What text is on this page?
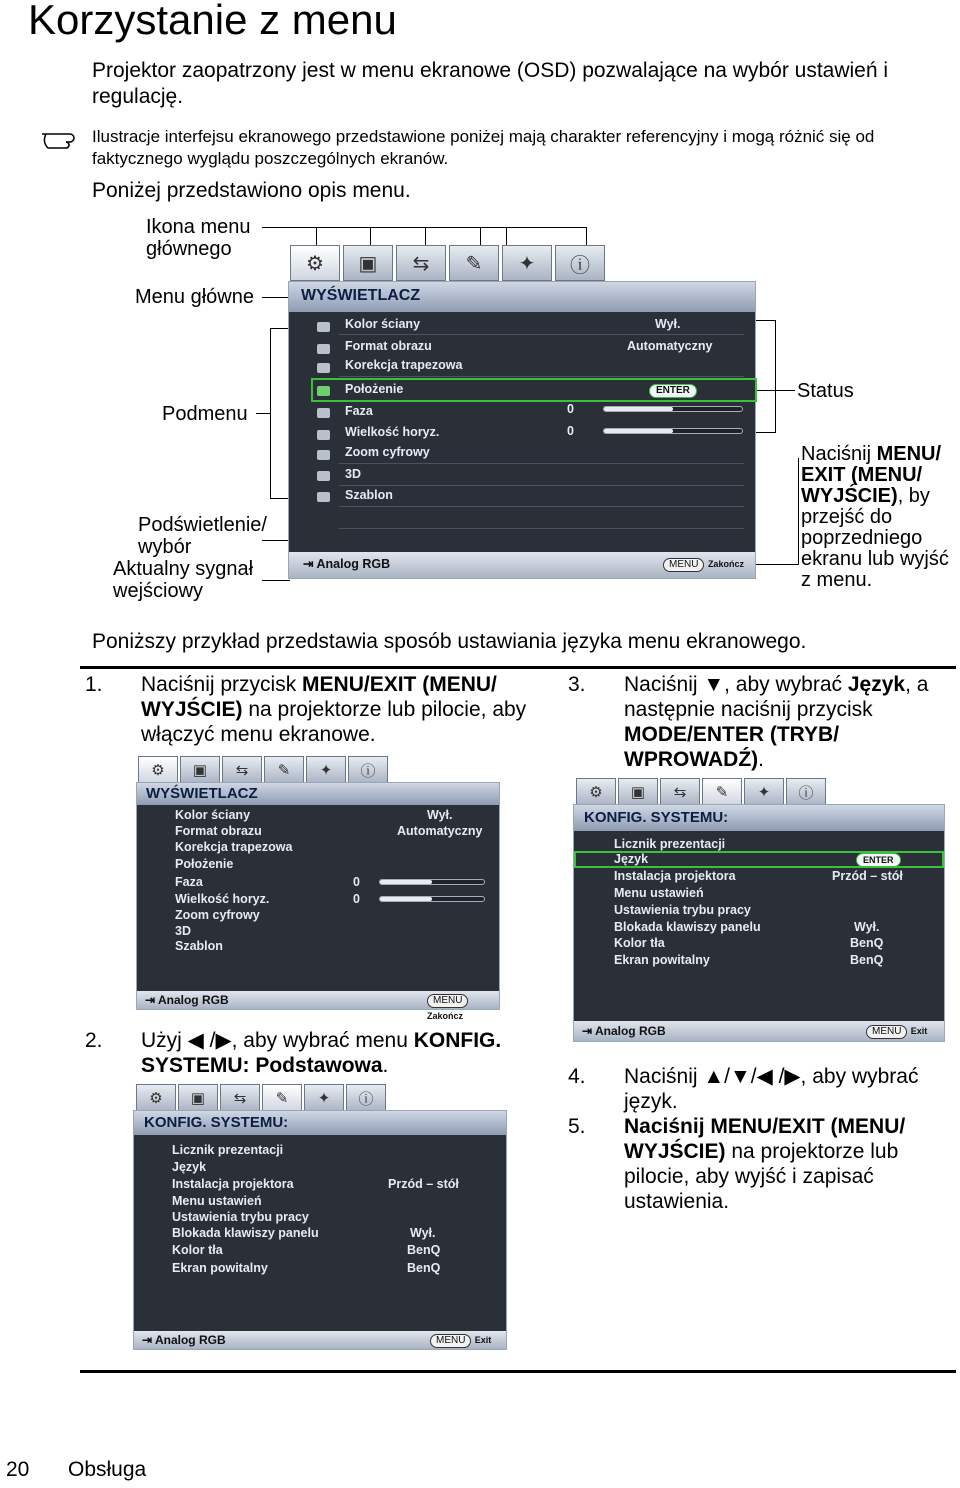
Korzystanie z menu
Projektor zaopatrzony jest w menu ekranowe (OSD) pozwalające na wybór ustawień i regulację.
Ilustracje interfejsu ekranowego przedstawione poniżej mają charakter referencyjny i mogą różnić się od faktycznego wyglądu poszczególnych ekranów.
Poniżej przedstawiono opis menu.
Ikona menu głównego
Menu główne
Podmenu
Podświetlenie/ wybór
Aktualny sygnał wejściowy
Status
Naciśnij MENU/ EXIT (MENU/ WYJŚCIE), by przejść do poprzedniego ekranu lub wyjść z menu.
⚙	▣	⇆	✎	✦	ⓘ
WYŚWIETLACZ
Kolor ściany	Wył.
Format obrazu	Automatyczny
Korekcja trapezowa
Położenie	ENTER
Faza	0
Wielkość horyz.	0
Zoom cyfrowy
3D
Szablon
⇥ Analog RGB	MENU Zakończ
Poniższy przykład przedstawia sposób ustawiania języka menu ekranowego.
1. Naciśnij przycisk MENU/EXIT (MENU/ WYJŚCIE) na projektorze lub pilocie, aby włączyć menu ekranowe.
⚙	▣	⇆	✎	✦	ⓘ
WYŚWIETLACZ
Kolor ściany	Wył.
Format obrazu	Automatyczny
Korekcja trapezowa
Położenie
Faza	0
Wielkość horyz.	0
Zoom cyfrowy
3D
Szablon
⇥ Analog RGB	MENUZakończ
2. Użyj ◀ /▶, aby wybrać menu KONFIG. SYSTEMU: Podstawowa.
⚙	▣	⇆	✎	✦	ⓘ
KONFIG. SYSTEMU:
Licznik prezentacji
Język
Instalacja projektora	Przód – stół
Menu ustawień
Ustawienia trybu pracy
Blokada klawiszy panelu	Wył.
Kolor tła	BenQ
Ekran powitalny	BenQ
⇥ Analog RGB	MENU Exit
3. Naciśnij ▼, aby wybrać Język, a następnie naciśnij przycisk MODE/ENTER (TRYB/ WPROWADŹ).
⚙	▣	⇆	✎	✦	ⓘ
KONFIG. SYSTEMU:
Licznik prezentacji
Język	ENTER
Instalacja projektora	Przód – stół
Menu ustawień
Ustawienia trybu pracy
Blokada klawiszy panelu	Wył.
Kolor tła	BenQ
Ekran powitalny	BenQ
⇥ Analog RGB	MENU Exit
4. Naciśnij ▲/▼/◀ /▶, aby wybrać język.
5. Naciśnij MENU/EXIT (MENU/ WYJŚCIE) na projektorze lub pilocie, aby wyjść i zapisać ustawienia.
20 Obsługa
